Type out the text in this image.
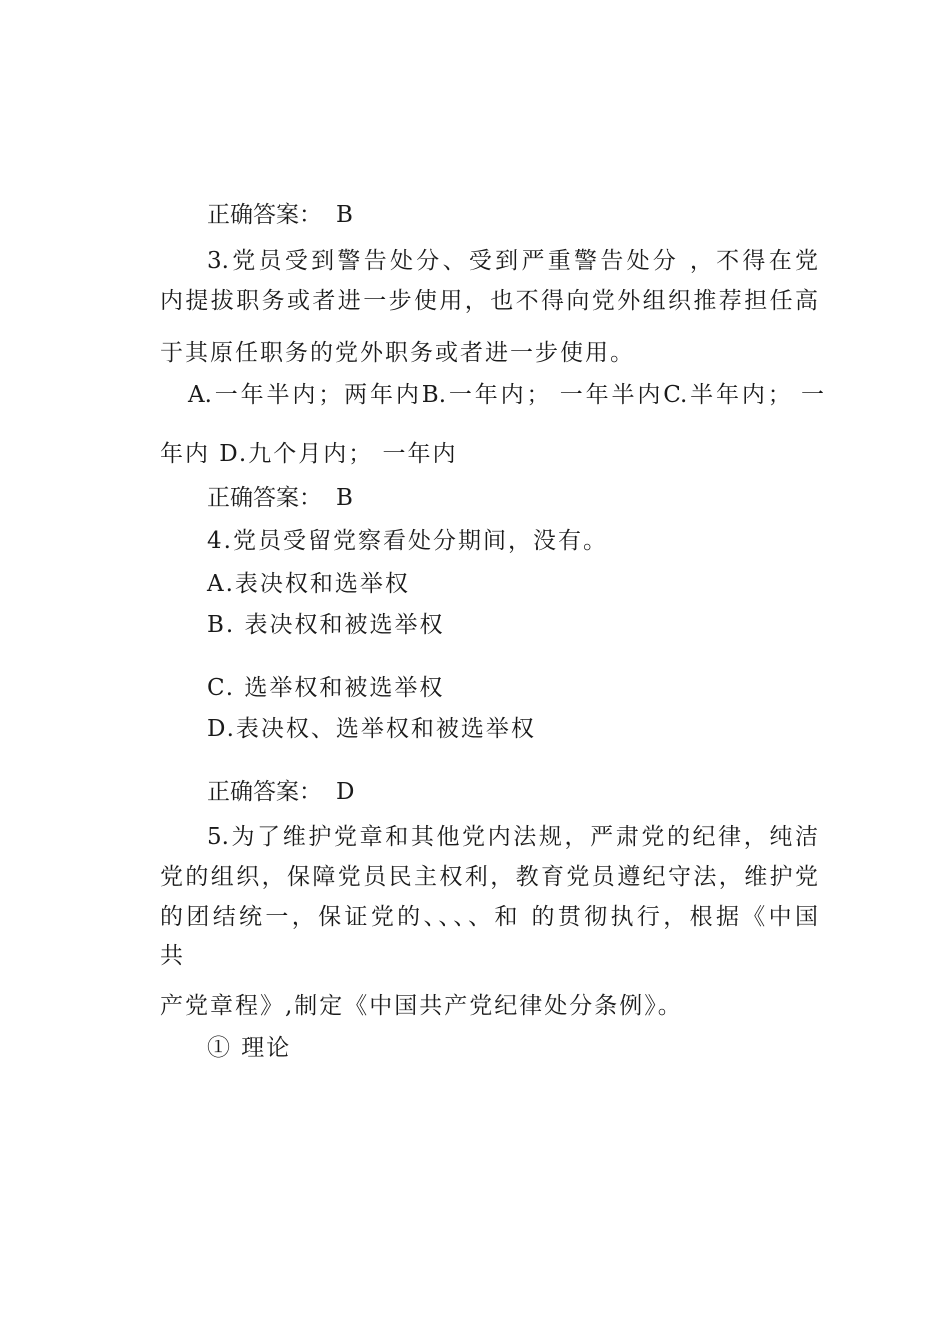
正确答案： B
3.党员受到警告处分、受到严重警告处分 ，不得在党
内提拔职务或者进一步使用，也不得向党外组织推荐担任高
于其原任职务的党外职务或者进一步使用。
A.一年半内；两年内B.一年内； 一年半内C.半年内； 一
年内 D.九个月内； 一年内
正确答案： B
4.党员受留党察看处分期间，没有。
A.表决权和选举权
B. 表决权和被选举权
C. 选举权和被选举权
D.表决权、选举权和被选举权
正确答案： D
5.为了维护党章和其他党内法规，严肃党的纪律，纯洁
党的组织，保障党员民主权利，教育党员遵纪守法，维护党
的团结统一，保证党的、、、、和 的贯彻执行，根据《中国
共
产党章程》,制定《中国共产党纪律处分条例》。
① 理论
